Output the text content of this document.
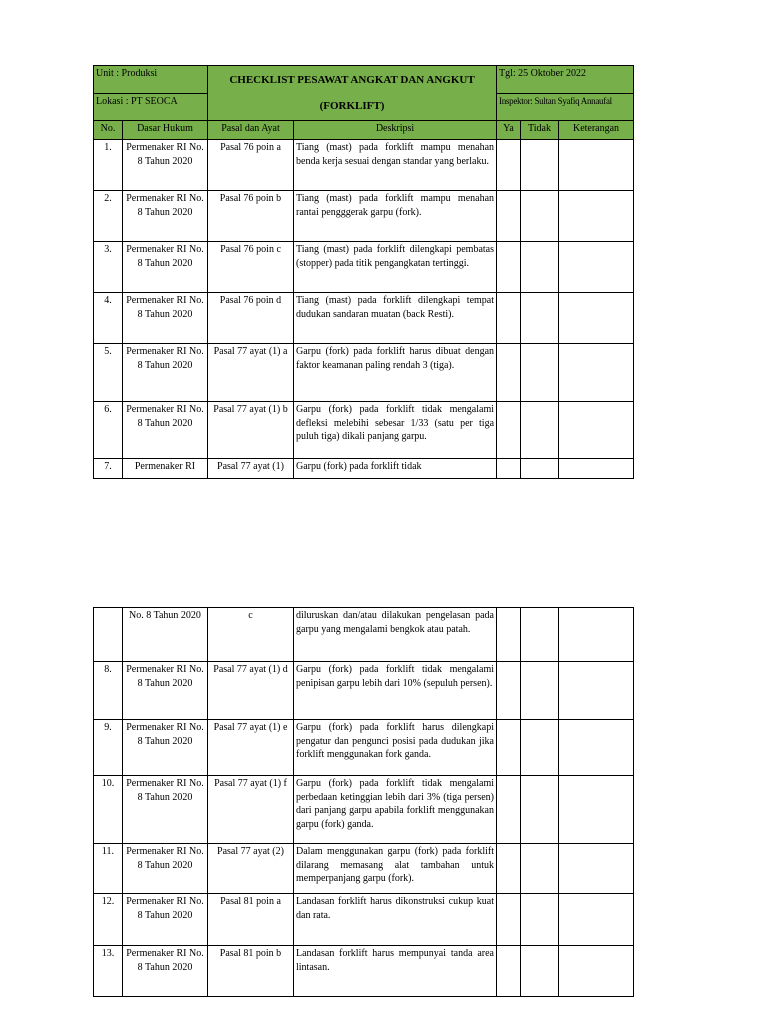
Unit : Produksi		CHECKLIST PESAWAT ANGKAT DAN ANGKUT
(FORKLIFT)		Tgl: 25 Oktober 2022		
Lokasi : PT SEOCA				Inspektor: Sultan Syafiq Annaufal		
No.	Dasar Hukum	Pasal dan Ayat	Deskripsi	Ya	Tidak	Keterangan
1.	Permenaker RI No. 8 Tahun 2020	Pasal 76 poin a	Tiang (mast) pada forklift mampu menahan benda kerja sesuai dengan standar yang berlaku.			
2.	Permenaker RI No. 8 Tahun 2020	Pasal 76 poin b	Tiang (mast) pada forklift mampu menahan rantai pengggerak garpu (fork).			
3.	Permenaker RI No. 8 Tahun 2020	Pasal 76 poin c	Tiang (mast) pada forklift dilengkapi pembatas (stopper) pada titik pengangkatan tertinggi.			
4.	Permenaker RI No. 8 Tahun 2020	Pasal 76 poin d	Tiang (mast) pada forklift dilengkapi tempat dudukan sandaran muatan (back Resti).			
5.	Permenaker RI No. 8 Tahun 2020	Pasal 77 ayat (1) a	Garpu (fork) pada forklift harus dibuat dengan faktor keamanan paling rendah 3 (tiga).			
6.	Permenaker RI No. 8 Tahun 2020	Pasal 77 ayat (1) b	Garpu (fork) pada forklift tidak mengalami defleksi melebihi sebesar 1/33 (satu per tiga puluh tiga) dikali panjang garpu.			
7.	Permenaker RI	Pasal 77 ayat (1)	Garpu (fork) pada forklift tidak			
	No. 8 Tahun 2020	c	diluruskan dan/atau dilakukan pengelasan pada garpu yang mengalami bengkok atau patah.			
8.	Permenaker RI No. 8 Tahun 2020	Pasal 77 ayat (1) d	Garpu (fork) pada forklift tidak mengalami penipisan garpu lebih dari 10% (sepuluh persen).			
9.	Permenaker RI No. 8 Tahun 2020	Pasal 77 ayat (1) e	Garpu (fork) pada forklift harus dilengkapi pengatur dan pengunci posisi pada dudukan jika forklift menggunakan fork ganda.			
10.	Permenaker RI No. 8 Tahun 2020	Pasal 77 ayat (1) f	Garpu (fork) pada forklift tidak mengalami perbedaan ketinggian lebih dari 3% (tiga persen) dari panjang garpu apabila forklift menggunakan garpu (fork) ganda.			
11.	Permenaker RI No. 8 Tahun 2020	Pasal 77 ayat (2)	Dalam menggunakan garpu (fork) pada forklift dilarang memasang alat tambahan untuk memperpanjang garpu (fork).			
12.	Permenaker RI No. 8 Tahun 2020	Pasal 81 poin a	Landasan forklift harus dikonstruksi cukup kuat dan rata.			
13.	Permenaker RI No. 8 Tahun 2020	Pasal 81 poin b	Landasan forklift harus mempunyai tanda area lintasan.			
